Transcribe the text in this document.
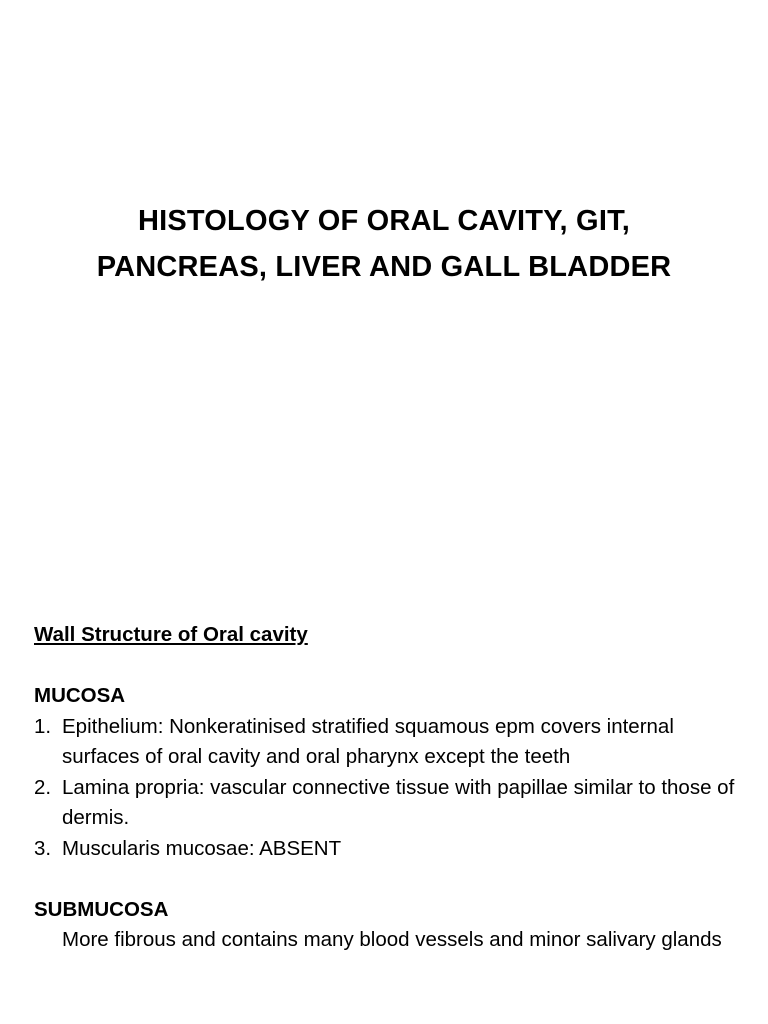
HISTOLOGY OF ORAL CAVITY, GIT,
PANCREAS, LIVER AND GALL BLADDER
Wall Structure of Oral cavity
MUCOSA
1. Epithelium: Nonkeratinised stratified squamous epm covers internal surfaces of oral cavity and oral pharynx except the teeth
2. Lamina propria: vascular connective tissue with papillae similar to those of dermis.
3. Muscularis mucosae: ABSENT
SUBMUCOSA
More fibrous and contains many blood vessels and minor salivary glands
